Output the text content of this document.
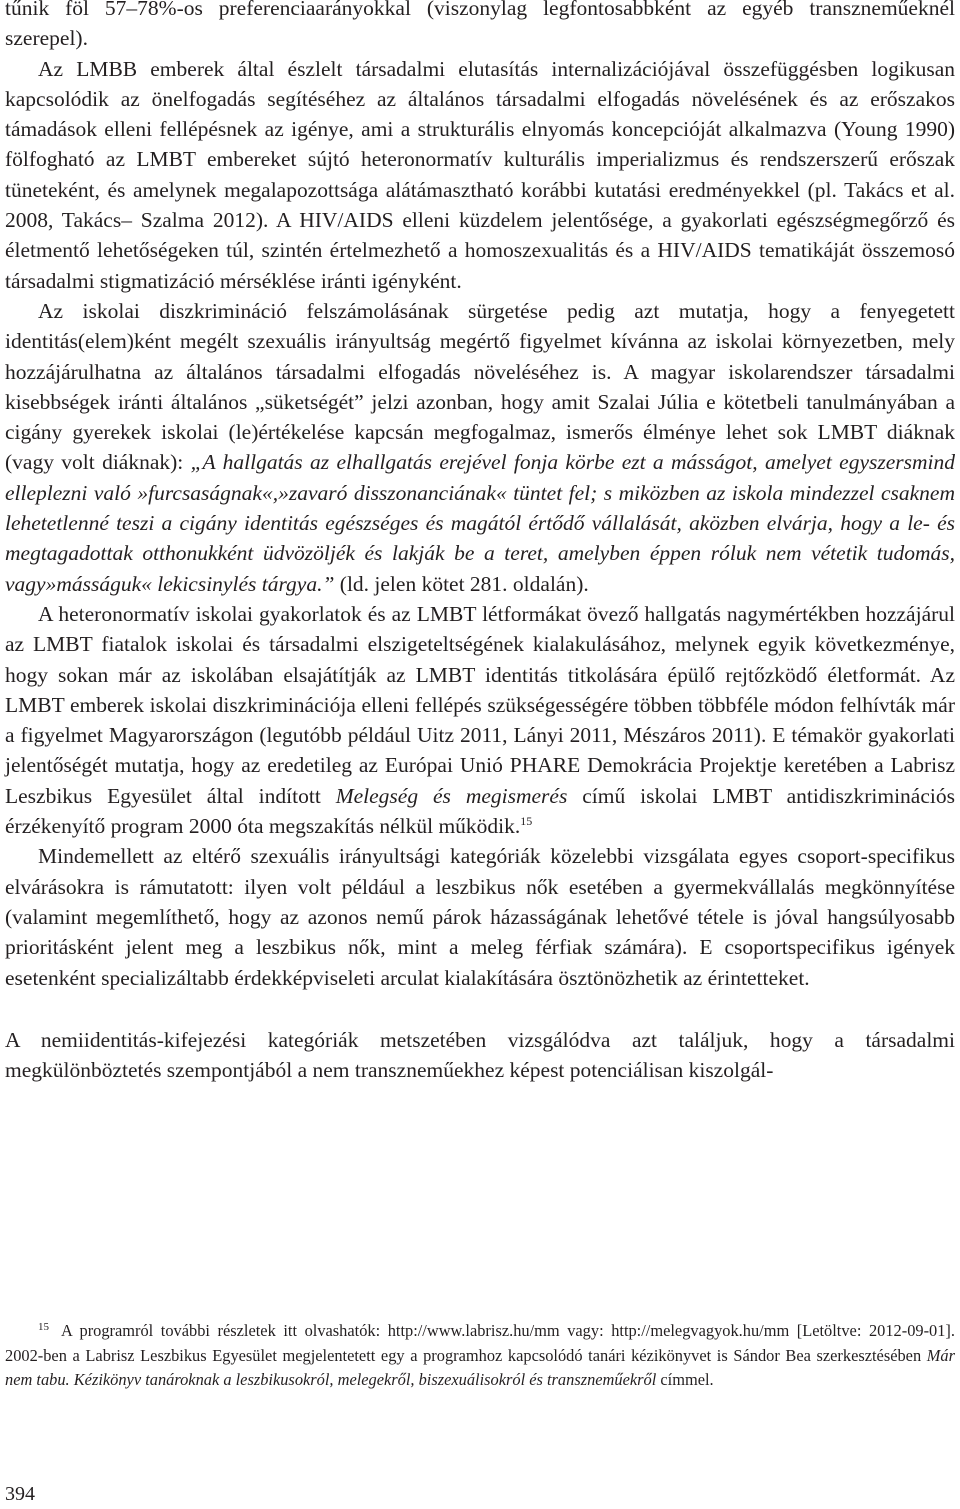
tűnik föl 57–78%-os preferenciaarányokkal (viszonylag legfontosabbként az egyéb transzneműeknél szerepel).

Az LMBB emberek által észlelt társadalmi elutasítás internalizációjával összefüggésben logikusan kapcsolódik az önelfogadás segítéséhez az általános társadalmi elfogadás növelésének és az erőszakos támadások elleni fellépésnek az igénye, ami a strukturális elnyomás koncepcióját alkalmazva (Young 1990) fölfogható az LMBT embereket sújtó heteronormatív kulturális imperializmus és rendszerszerű erőszak tüneteként, és amelynek megalapozottsága alátámasztható korábbi kutatási eredményekkel (pl. Takács et al. 2008, Takács– Szalma 2012). A HIV/AIDS elleni küzdelem jelentősége, a gyakorlati egészségmegőrző és életmentő lehetőségeken túl, szintén értelmezhető a homoszexualitás és a HIV/AIDS tematikáját összemosó társadalmi stigmatizáció mérséklése iránti igényként.

Az iskolai diszkrimináció felszámolásának sürgetése pedig azt mutatja, hogy a fenyegetett identitás(elem)ként megélt szexuális irányultság megértő figyelmet kívánna az iskolai környezetben, mely hozzájárulhatna az általános társadalmi elfogadás növeléséhez is. A magyar iskolarendszer társadalmi kisebbségek iránti általános „süketségét” jelzi azonban, hogy amit Szalai Júlia e kötetbeli tanulmányában a cigány gyerekek iskolai (le)értékelése kapcsán megfogalmaz, ismerős élménye lehet sok LMBT diáknak (vagy volt diáknak): „A hallgatás az elhallgatás erejével fonja körbe ezt a másságot, amelyet egyszersmind elleplezni való »furcsaságnak«,»zavaró disszonanciának« tüntet fel; s miközben az iskola mindezzel csaknem lehetetlenné teszi a cigány identitás egészséges és magától értődő vállalását, aközben elvárja, hogy a le- és megtagadottak otthonukként üdvözöljék és lakják be a teret, amelyben éppen róluk nem vétetik tudomás, vagy»másságuk« lekicsinylés tárgya.” (ld. jelen kötet 281. oldalán).

A heteronormatív iskolai gyakorlatok és az LMBT létformákat övező hallgatás nagymértékben hozzájárul az LMBT fiatalok iskolai és társadalmi elszigeteltségének kialakulásához, melynek egyik következménye, hogy sokan már az iskolában elsajátítják az LMBT identitás titkolására épülő rejtőzködő életformát. Az LMBT emberek iskolai diszkriminációja elleni fellépés szükségességére többen többféle módon felhívták már a figyelmet Magyarországon (legutóbb például Uitz 2011, Lányi 2011, Mészáros 2011). E témakör gyakorlati jelentőségét mutatja, hogy az eredetileg az Európai Unió PHARE Demokrácia Projektje keretében a Labrisz Leszbikus Egyesület által indított Melegség és megismerés című iskolai LMBT antidiszkriminációs érzékenyítő program 2000 óta megszakítás nélkül működik.$^{15}$

Mindemellett az eltérő szexuális irányultsági kategóriák közelebbi vizsgálata egyes csoport-specifikus elvárásokra is rámutatott: ilyen volt például a leszbikus nők esetében a gyermekvállalás megkönnyítése (valamint megemlíthető, hogy az azonos nemű párok házasságának lehetővé tétele is jóval hangsúlyosabb prioritásként jelent meg a leszbikus nők, mint a meleg férfiak számára). E csoportspecifikus igények esetenként specializáltabb érdekképviseleti arculat kialakítására ösztönözhetik az érintetteket.

A nemiidentitás-kifejezési kategóriák metszetében vizsgálódva azt találjuk, hogy a társadalmi megkülönböztetés szempontjából a nem transzneműekhez képest potenciálisan kiszolgál-

$^{15}$ A programról további részletek itt olvashatók: http://www.labrisz.hu/mm vagy: http://melegvagyok.hu/mm [Letöltve: 2012-09-01]. 2002-ben a Labrisz Leszbikus Egyesület megjelentetett egy a programhoz kapcsolódó tanári kézikönyvet is Sándor Bea szerkesztésében Már nem tabu. Kézikönyv tanároknak a leszbikusokról, melegekről, biszexuálisokról és transzneműekről címmel.

394
